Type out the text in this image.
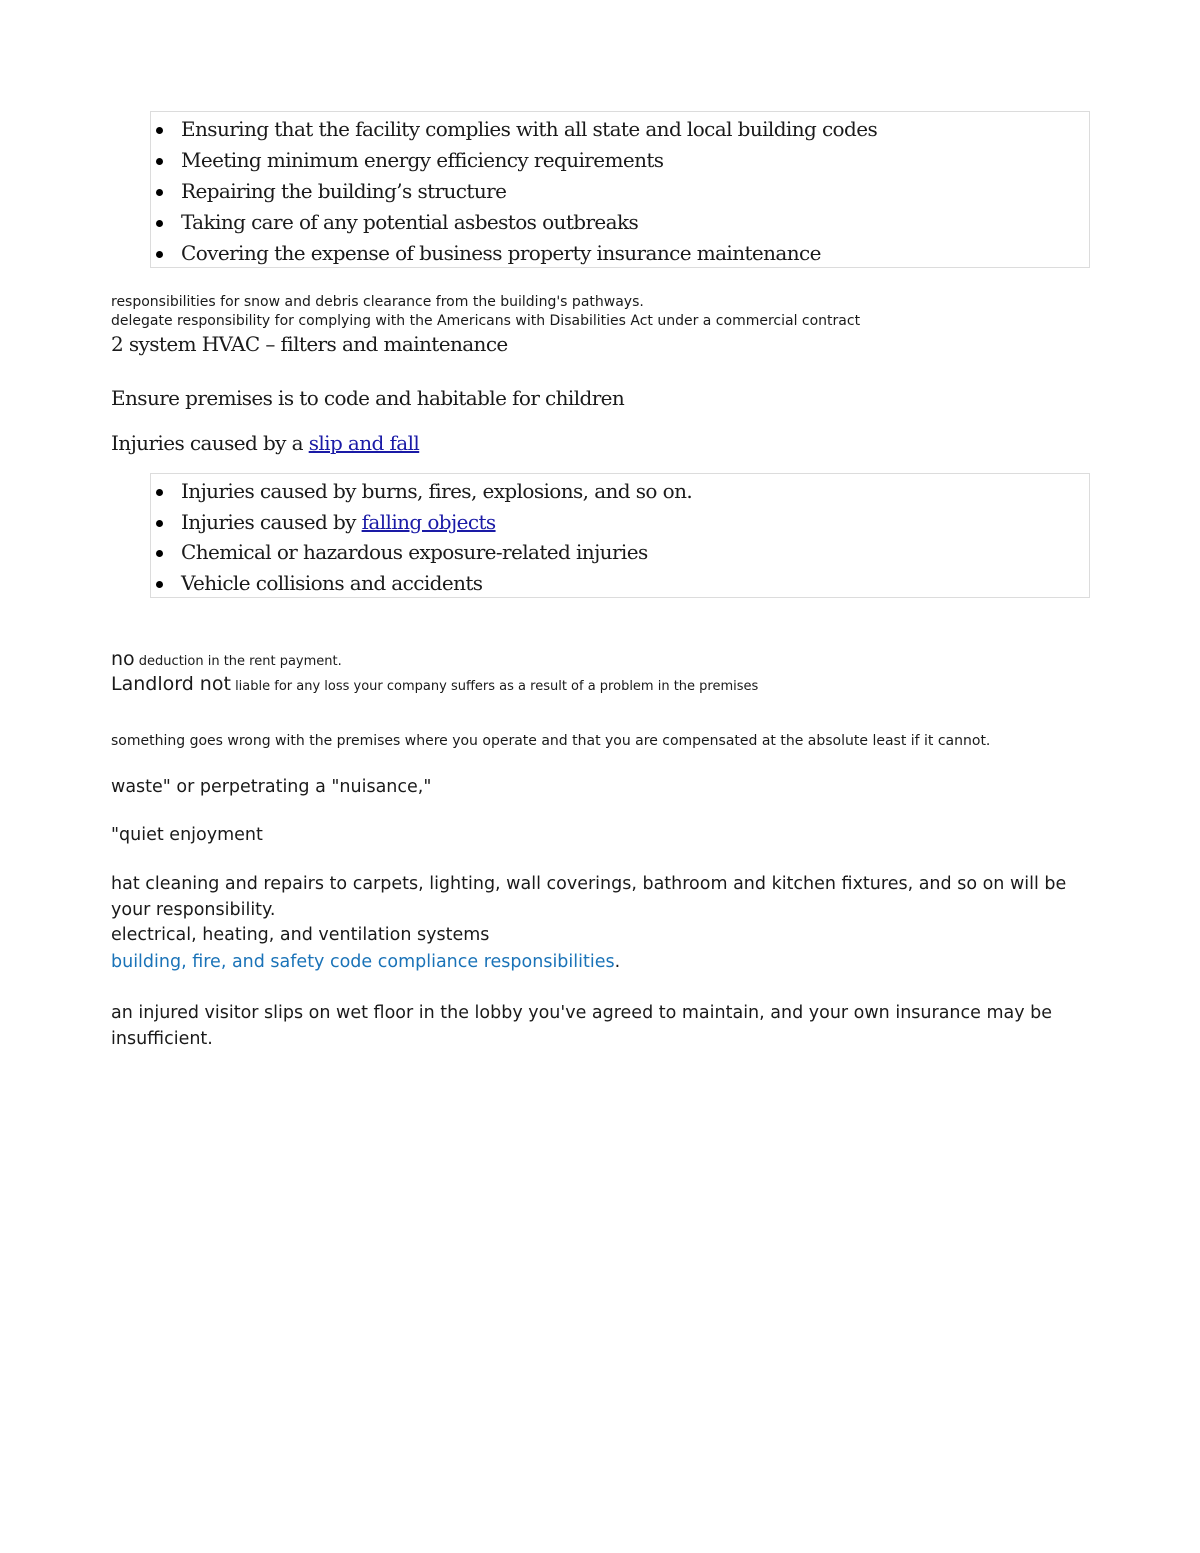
Ensuring that the facility complies with all state and local building codes
Meeting minimum energy efficiency requirements
Repairing the building’s structure
Taking care of any potential asbestos outbreaks
Covering the expense of business property insurance maintenance
responsibilities for snow and debris clearance from the building's pathways.
delegate responsibility for complying with the Americans with Disabilities Act under a commercial contract
2 system HVAC – filters and maintenance
Ensure premises is to code and habitable for children
Injuries caused by a slip and fall
Injuries caused by burns, fires, explosions, and so on.
Injuries caused by falling objects
Chemical or hazardous exposure-related injuries
Vehicle collisions and accidents
no deduction in the rent payment.
Landlord not liable for any loss your company suffers as a result of a problem in the premises
something goes wrong with the premises where you operate and that you are compensated at the absolute least if it cannot.
waste" or perpetrating a "nuisance,"
"quiet enjoyment
hat cleaning and repairs to carpets, lighting, wall coverings, bathroom and kitchen fixtures, and so on will be your responsibility.
electrical, heating, and ventilation systems
building, fire, and safety code compliance responsibilities.
an injured visitor slips on wet floor in the lobby you've agreed to maintain, and your own insurance may be insufficient.
